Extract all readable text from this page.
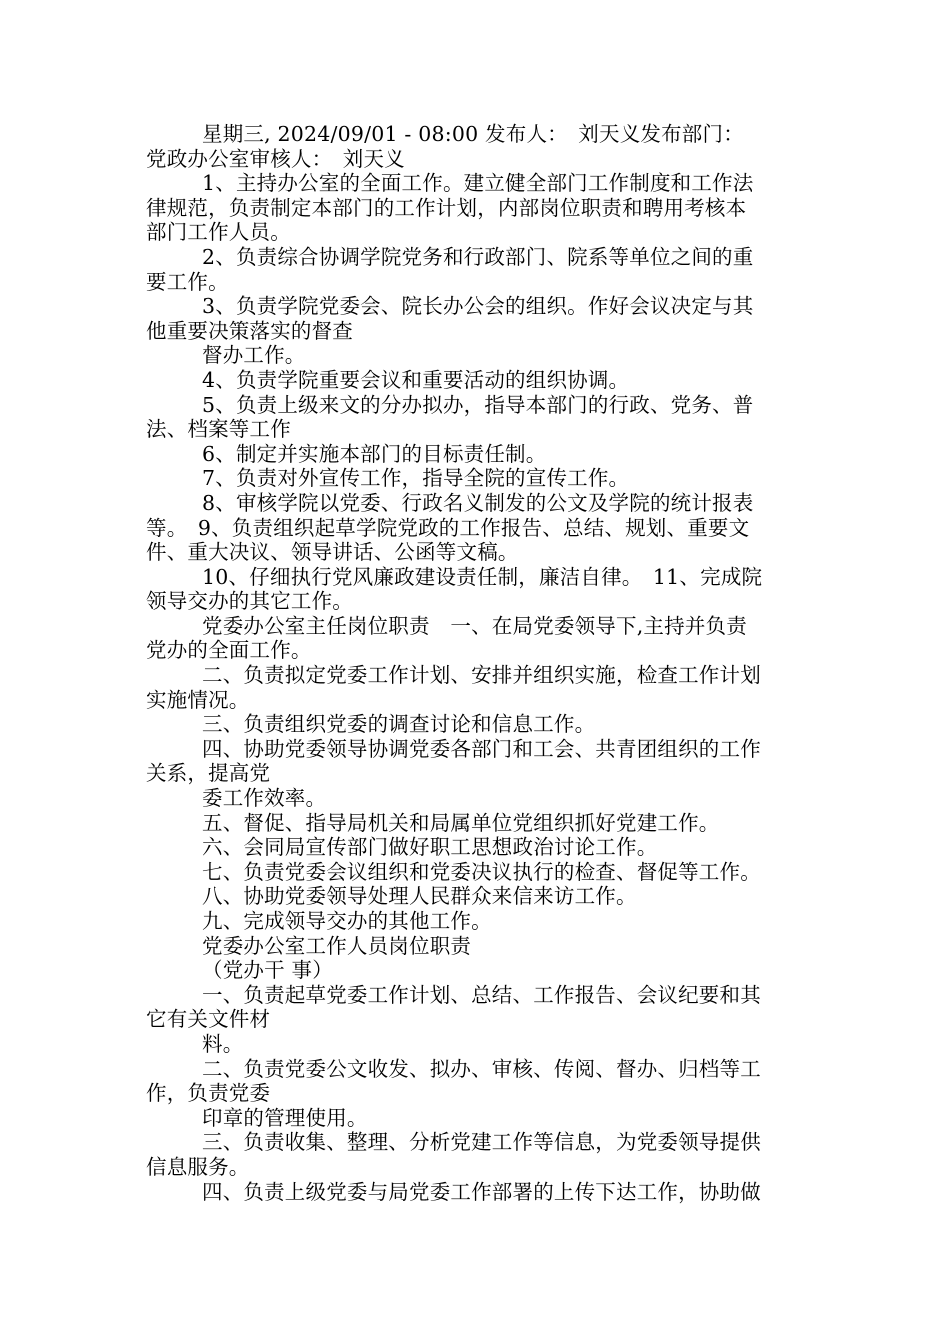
星期三, 2024/09/01 - 08:00 发布人：　刘天义发布部门：
党政办公室审核人：　刘天义
1、主持办公室的全面工作。建立健全部门工作制度和工作法
律规范，负责制定本部门的工作计划，内部岗位职责和聘用考核本
部门工作人员。
2、负责综合协调学院党务和行政部门、院系等单位之间的重
要工作。
3、负责学院党委会、院长办公会的组织。作好会议决定与其
他重要决策落实的督查
督办工作。
4、负责学院重要会议和重要活动的组织协调。
5、负责上级来文的分办拟办，指导本部门的行政、党务、普
法、档案等工作
6、制定并实施本部门的目标责任制。
7、负责对外宣传工作，指导全院的宣传工作。
8、审核学院以党委、行政名义制发的公文及学院的统计报表
等。　9、负责组织起草学院党政的工作报告、总结、规划、重要文
件、重大决议、领导讲话、公函等文稿。
10、仔细执行党风廉政建设责任制，廉洁自律。　11、完成院
领导交办的其它工作。
党委办公室主任岗位职责　一、在局党委领导下,主持并负责
党办的全面工作。
二、负责拟定党委工作计划、安排并组织实施，检查工作计划
实施情况。
三、负责组织党委的调查讨论和信息工作。
四、协助党委领导协调党委各部门和工会、共青团组织的工作
关系，提高党
委工作效率。
五、督促、指导局机关和局属单位党组织抓好党建工作。
六、会同局宣传部门做好职工思想政治讨论工作。
七、负责党委会议组织和党委决议执行的检查、督促等工作。
八、协助党委领导处理人民群众来信来访工作。
九、完成领导交办的其他工作。
党委办公室工作人员岗位职责
（党办干 事）
一、负责起草党委工作计划、总结、工作报告、会议纪要和其
它有关文件材
料。
二、负责党委公文收发、拟办、审核、传阅、督办、归档等工
作，负责党委
印章的管理使用。
三、负责收集、整理、分析党建工作等信息，为党委领导提供
信息服务。
四、负责上级党委与局党委工作部署的上传下达工作，协助做
